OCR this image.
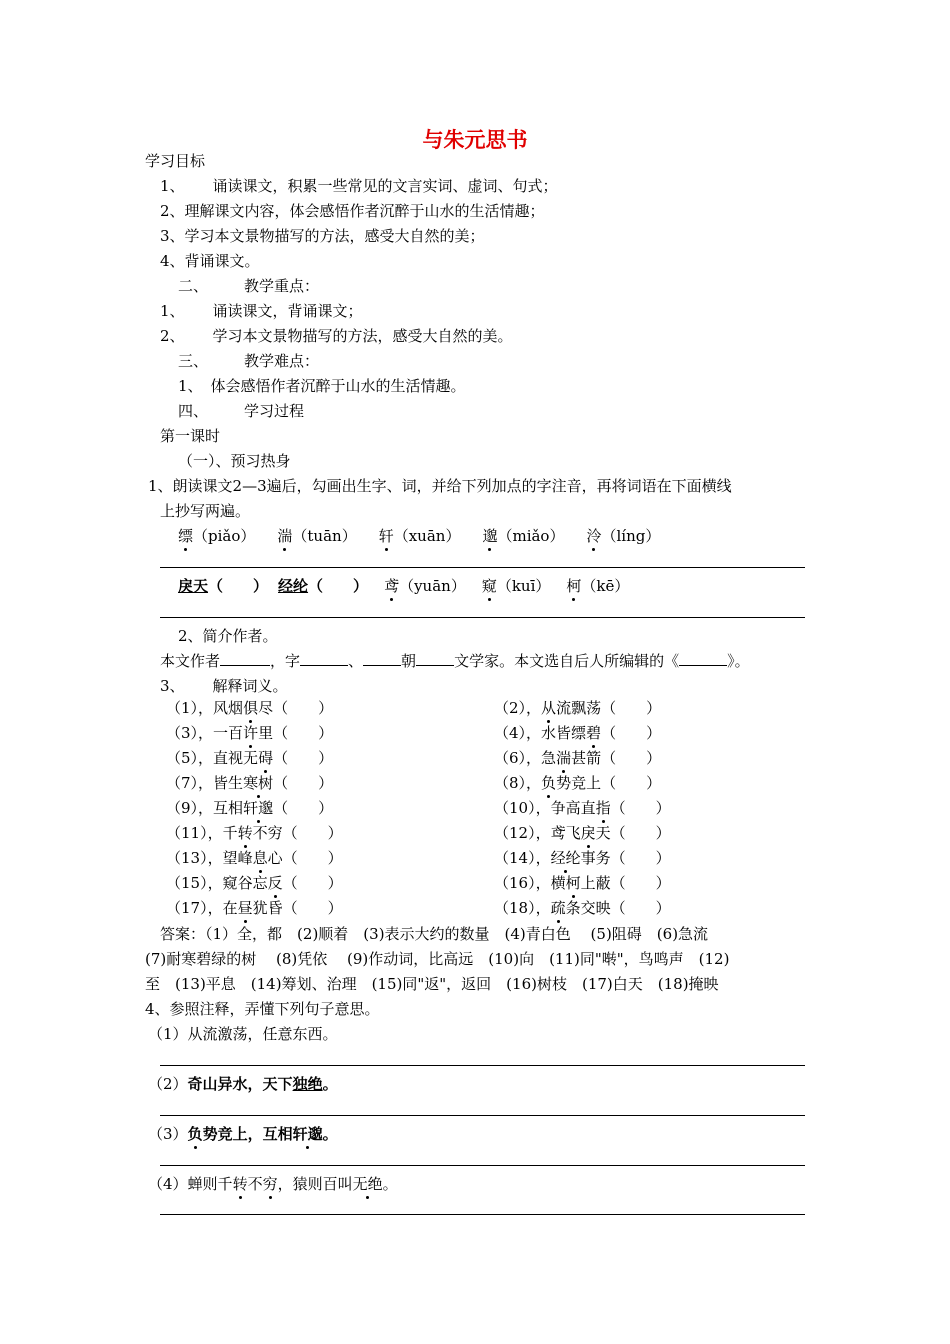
与朱元思书
学习目标
1、 诵读课文，积累一些常见的文言实词、虚词、句式；
2、理解课文内容，体会感悟作者沉醉于山水的生活情趣；
3、学习本文景物描写的方法，感受大自然的美；
4、背诵课文。
二、 教学重点：
1、 诵读课文，背诵课文；
2、 学习本文景物描写的方法，感受大自然的美。
三、 教学难点：
1、 体会感悟作者沉醉于山水的生活情趣。
四、 学习过程
第一课时
（一）、预习热身
1、朗读课文2—3遍后，勾画出生字、词，并给下列加点的字注音，再将词语在下面横线
上抄写两遍。
缥（piǎo） 湍（tuān） 轩（xuān） 邈（miǎo） 泠（líng）
戾天（　　） 经纶（　　） 鸢（yuān） 窥（kuī） 柯（kē）
2、简介作者。
本文作者	，字	、	朝	文学家。本文选自后人所编辑的《	》。
3、 解释词义。
（1），风烟俱尽（　　）	（2），从流飘荡（　　）
（3），一百许里（　　）	（4），水皆缥碧（　　）
（5），直视无碍（　　）	（6），急湍甚箭（　　）
（7），皆生寒树（　　）	（8），负势竞上（　　）
（9），互相轩邈（　　）	（10），争高直指（　　）
（11），千转不穷（　　）	（12），鸢飞戾天（　　）
（13），望峰息心（　　）	（14），经纶事务（　　）
（15），窥谷忘反（　　）	（16），横柯上蔽（　　）
（17），在昼犹昏（　　）	（18），疏条交映（　　）
答案：（1）全，都　(2)顺着　(3)表示大约的数量　(4)青白色　 (5)阻碍　(6)急流
(7)耐寒碧绿的树　 (8)凭依　 (9)作动词，比高远　(10)向　(11)同"啭"，鸟鸣声　(12)
至　(13)平息　(14)筹划、治理　(15)同"返"，返回　(16)树枝　(17)白天　(18)掩映
4、参照注释，弄懂下列句子意思。
（1）从流激荡，任意东西。
（2）奇山异水，天下独绝。
（3）负势竞上，互相轩邈。
（4）蝉则千转不穷，猿则百叫无绝。
